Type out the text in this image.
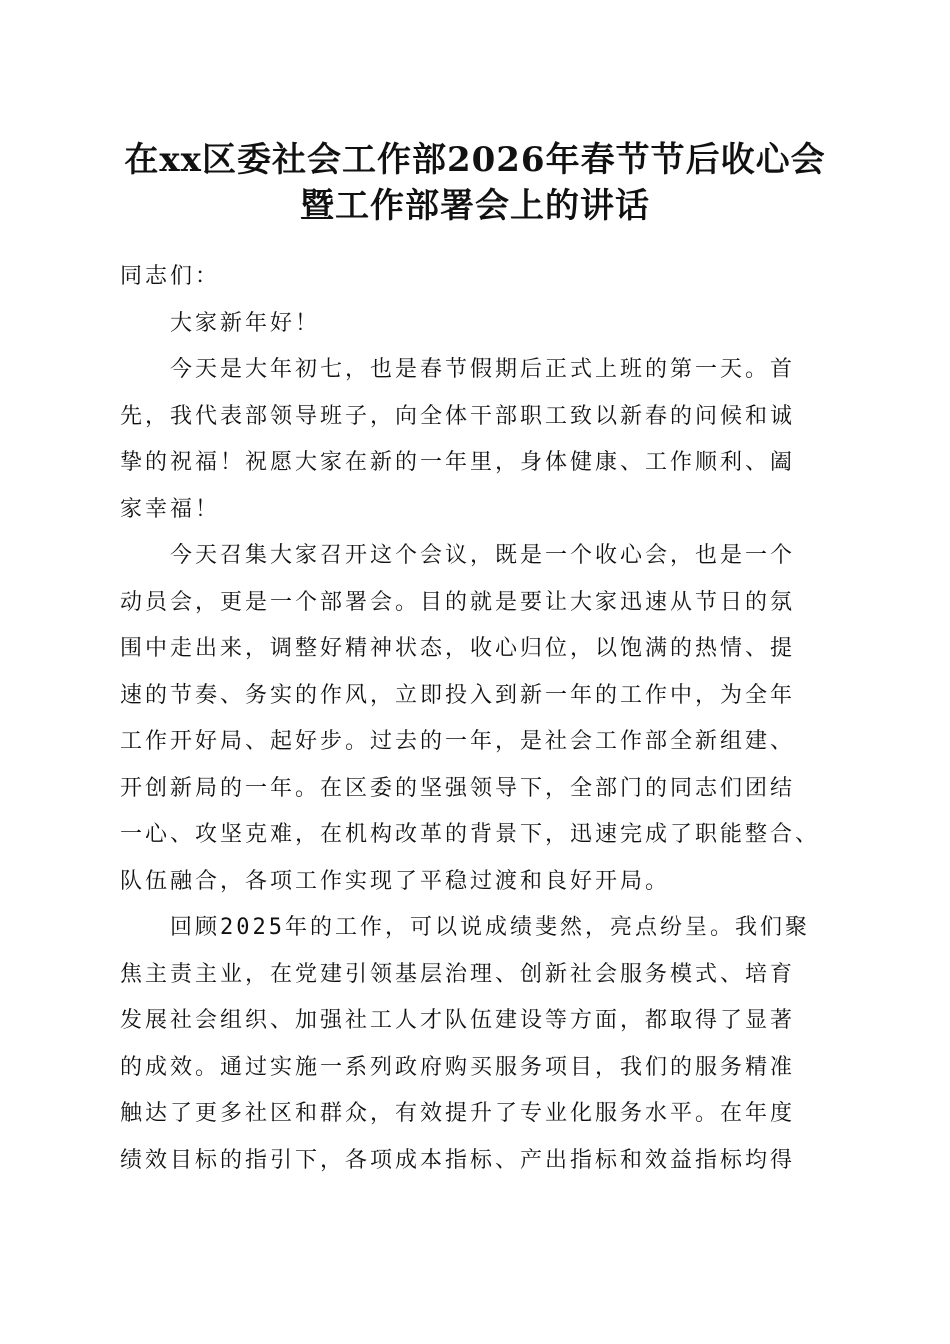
在xx区委社会工作部2026年春节节后收心会
暨工作部署会上的讲话
同志们：
大家新年好！
今天是大年初七，也是春节假期后正式上班的第一天。首
先，我代表部领导班子，向全体干部职工致以新春的问候和诚
挚的祝福！祝愿大家在新的一年里，身体健康、工作顺利、阖
家幸福！
今天召集大家召开这个会议，既是一个收心会，也是一个
动员会，更是一个部署会。目的就是要让大家迅速从节日的氛
围中走出来，调整好精神状态，收心归位，以饱满的热情、提
速的节奏、务实的作风，立即投入到新一年的工作中，为全年
工作开好局、起好步。过去的一年，是社会工作部全新组建、
开创新局的一年。在区委的坚强领导下，全部门的同志们团结
一心、攻坚克难，在机构改革的背景下，迅速完成了职能整合、
队伍融合，各项工作实现了平稳过渡和良好开局。
回顾2025年的工作，可以说成绩斐然，亮点纷呈。我们聚
焦主责主业，在党建引领基层治理、创新社会服务模式、培育
发展社会组织、加强社工人才队伍建设等方面，都取得了显著
的成效。通过实施一系列政府购买服务项目，我们的服务精准
触达了更多社区和群众，有效提升了专业化服务水平。在年度
绩效目标的指引下，各项成本指标、产出指标和效益指标均得
